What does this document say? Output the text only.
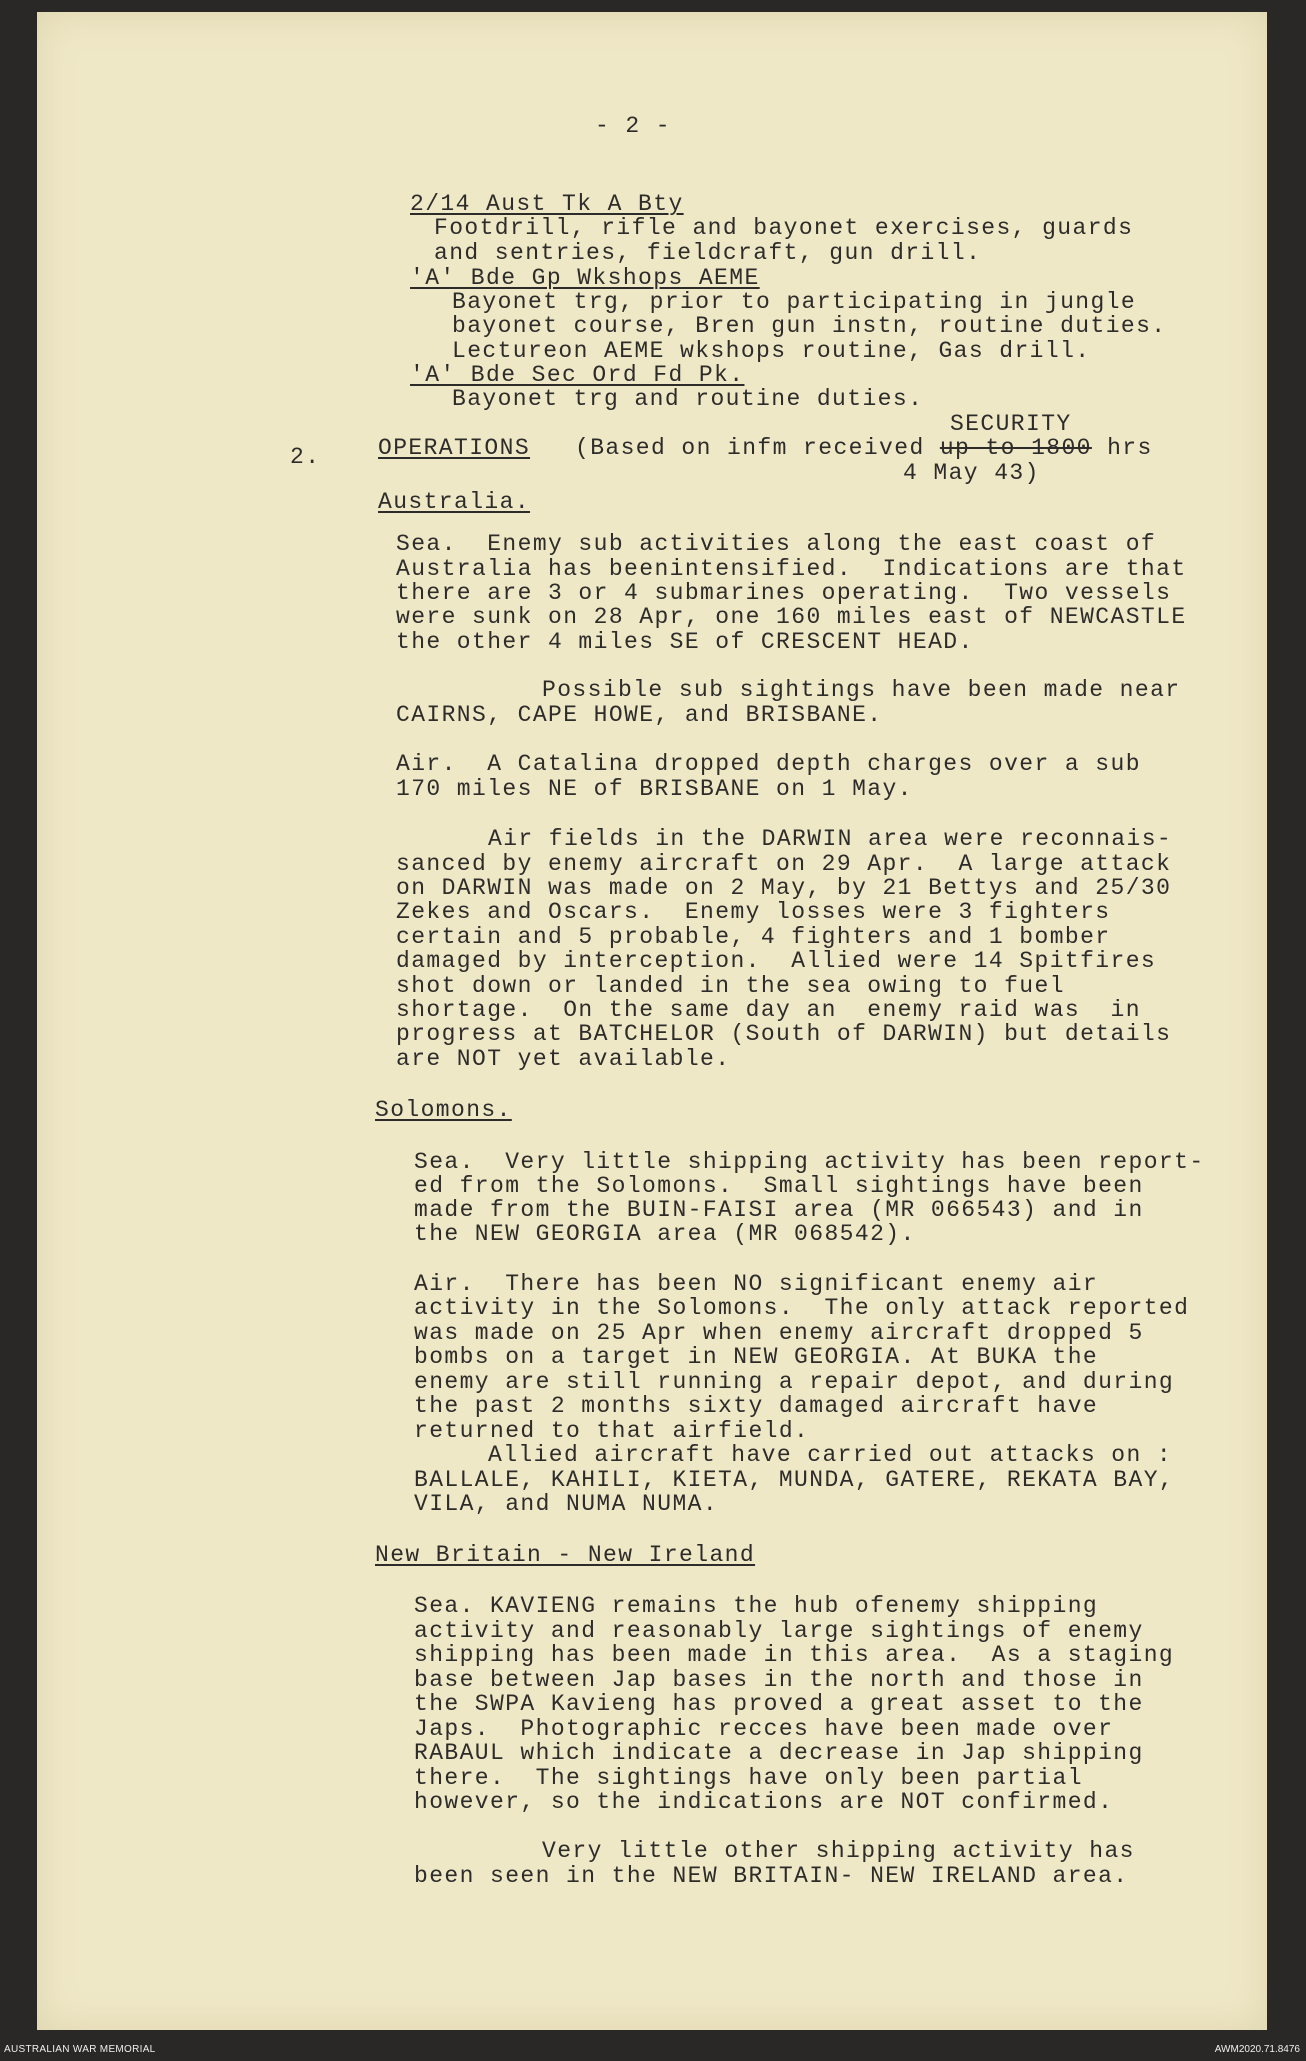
- 2 -
2/14 Aust Tk A Bty
Footdrill, rifle and bayonet exercises, guards
and sentries, fieldcraft, gun drill.
'A' Bde Gp Wkshops AEME
Bayonet trg, prior to participating in jungle
bayonet course, Bren gun instn, routine duties.
Lectureon AEME wkshops routine, Gas drill.
'A' Bde Sec Ord Fd Pk.
Bayonet trg and routine duties.
2.	OPERATIONS
SECURITY
(Based on infm received up to 1800 hrs
4 May 43)
Australia.
Sea.  Enemy sub activities along the east coast of
Australia has beenintensified.  Indications are that
there are 3 or 4 submarines operating.  Two vessels
were sunk on 28 Apr, one 160 miles east of NEWCASTLE
the other 4 miles SE of CRESCENT HEAD.
Possible sub sightings have been made near
CAIRNS, CAPE HOWE, and BRISBANE.
Air.  A Catalina dropped depth charges over a sub
170 miles NE of BRISBANE on 1 May.
Air fields in the DARWIN area were reconnais-
sanced by enemy aircraft on 29 Apr.  A large attack
on DARWIN was made on 2 May, by 21 Bettys and 25/30
Zekes and Oscars.  Enemy losses were 3 fighters
certain and 5 probable, 4 fighters and 1 bomber
damaged by interception.  Allied were 14 Spitfires
shot down or landed in the sea owing to fuel
shortage.  On the same day an  enemy raid was  in
progress at BATCHELOR (South of DARWIN) but details
are NOT yet available.
Solomons.
Sea.  Very little shipping activity has been report-
ed from the Solomons.  Small sightings have been
made from the BUIN-FAISI area (MR 066543) and in
the NEW GEORGIA area (MR 068542).
Air.  There has been NO significant enemy air
activity in the Solomons.  The only attack reported
was made on 25 Apr when enemy aircraft dropped 5
bombs on a target in NEW GEORGIA. At BUKA the
enemy are still running a repair depot, and during
the past 2 months sixty damaged aircraft have
returned to that airfield.
Allied aircraft have carried out attacks on :
BALLALE, KAHILI, KIETA, MUNDA, GATERE, REKATA BAY,
VILA, and NUMA NUMA.
New Britain - New Ireland
Sea. KAVIENG remains the hub ofenemy shipping
activity and reasonably large sightings of enemy
shipping has been made in this area.  As a staging
base between Jap bases in the north and those in
the SWPA Kavieng has proved a great asset to the
Japs.  Photographic recces have been made over
RABAUL which indicate a decrease in Jap shipping
there.  The sightings have only been partial
however, so the indications are NOT confirmed.
Very little other shipping activity has
been seen in the NEW BRITAIN- NEW IRELAND area.
AUSTRALIAN WAR MEMORIAL	AWM2020.71.8476
